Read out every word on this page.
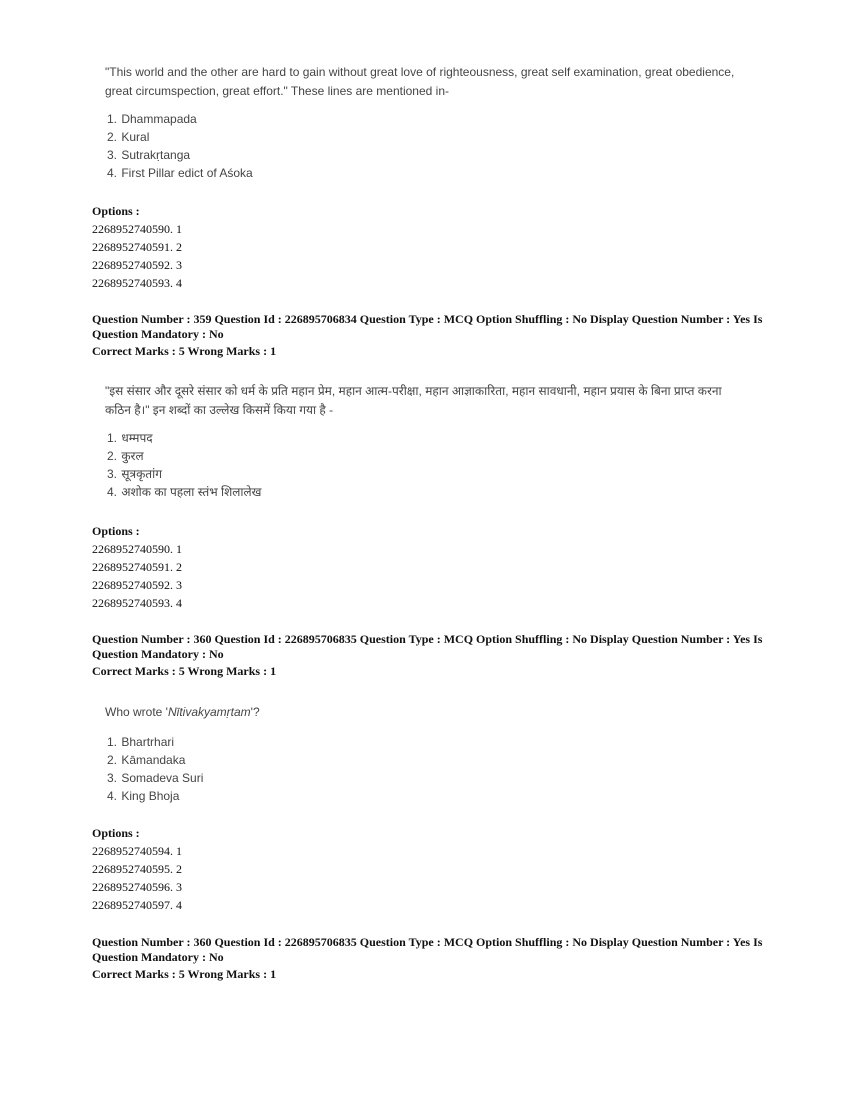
"This world and the other are hard to gain without great love of righteousness, great self examination, great obedience, great circumspection, great effort." These lines are mentioned in-
1. Dhammapada
2. Kural
3. Sutrakṛtanga
4. First Pillar edict of Aśoka
Options :
2268952740590. 1
2268952740591. 2
2268952740592. 3
2268952740593. 4
Question Number : 359 Question Id : 226895706834 Question Type : MCQ Option Shuffling : No Display Question Number : Yes Is
Question Mandatory : No
Correct Marks : 5 Wrong Marks : 1
"इस संसार और दूसरे संसार को धर्म के प्रति महान प्रेम, महान आत्म-परीक्षा, महान आज्ञाकारिता, महान सावधानी, महान प्रयास के बिना प्राप्त करना कठिन है।" इन शब्दों का उल्लेख किसमें किया गया है -
1. धम्मपद
2. कुरल
3. सूत्रकृतांग
4. अशोक का पहला स्तंभ शिलालेख
Options :
2268952740590. 1
2268952740591. 2
2268952740592. 3
2268952740593. 4
Question Number : 360 Question Id : 226895706835 Question Type : MCQ Option Shuffling : No Display Question Number : Yes Is
Question Mandatory : No
Correct Marks : 5 Wrong Marks : 1
Who wrote 'Nītivakyamṛtam'?
1. Bhartrhari
2. Kāmandaka
3. Somadeva Suri
4. King Bhoja
Options :
2268952740594. 1
2268952740595. 2
2268952740596. 3
2268952740597. 4
Question Number : 360 Question Id : 226895706835 Question Type : MCQ Option Shuffling : No Display Question Number : Yes Is
Question Mandatory : No
Correct Marks : 5 Wrong Marks : 1
